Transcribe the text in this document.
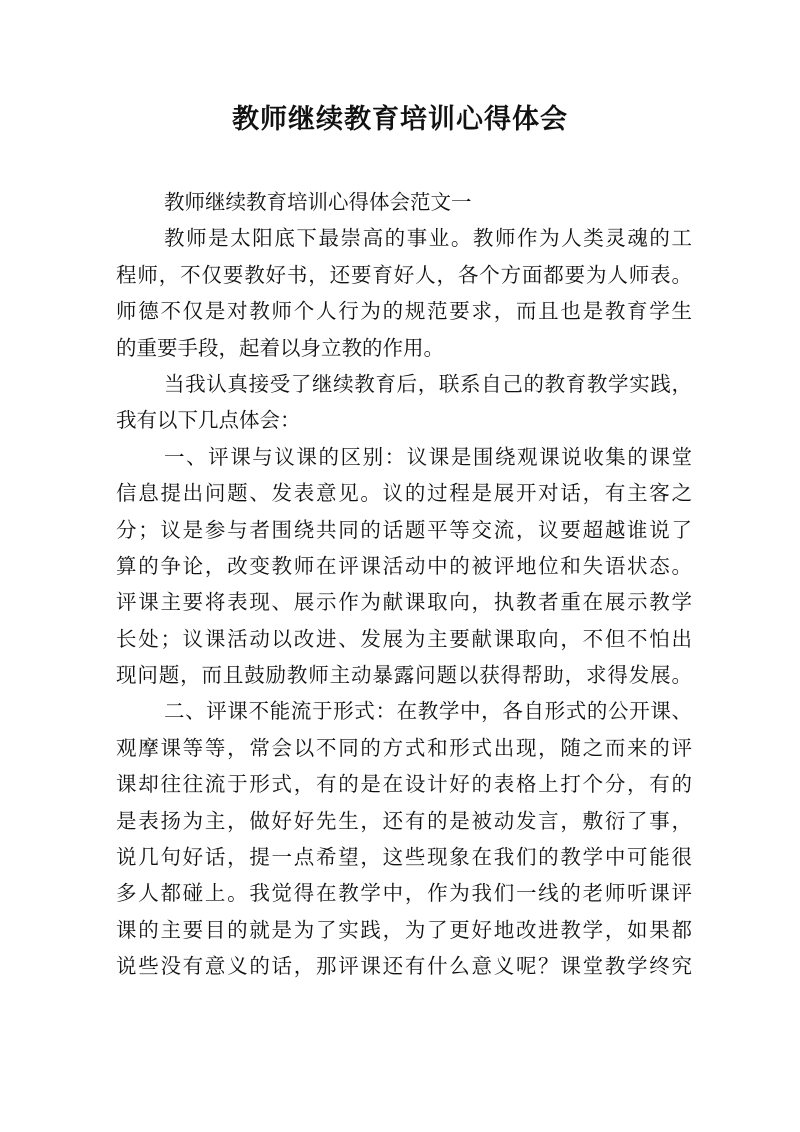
教师继续教育培训心得体会

教师继续教育培训心得体会范文一

教师是太阳底下最崇高的事业。教师作为人类灵魂的工

程师，不仅要教好书，还要育好人，各个方面都要为人师表。

师德不仅是对教师个人行为的规范要求，而且也是教育学生

的重要手段，起着以身立教的作用。

当我认真接受了继续教育后，联系自己的教育教学实践，

我有以下几点体会：

一、评课与议课的区别：议课是围绕观课说收集的课堂

信息提出问题、发表意见。议的过程是展开对话，有主客之

分；议是参与者围绕共同的话题平等交流，议要超越谁说了

算的争论，改变教师在评课活动中的被评地位和失语状态。

评课主要将表现、展示作为献课取向，执教者重在展示教学

长处；议课活动以改进、发展为主要献课取向，不但不怕出

现问题，而且鼓励教师主动暴露问题以获得帮助，求得发展。

二、评课不能流于形式：在教学中，各自形式的公开课、

观摩课等等，常会以不同的方式和形式出现，随之而来的评

课却往往流于形式，有的是在设计好的表格上打个分，有的

是表扬为主，做好好先生，还有的是被动发言，敷衍了事，

说几句好话，提一点希望，这些现象在我们的教学中可能很

多人都碰上。我觉得在教学中，作为我们一线的老师听课评

课的主要目的就是为了实践，为了更好地改进教学，如果都

说些没有意义的话，那评课还有什么意义呢？课堂教学终究
